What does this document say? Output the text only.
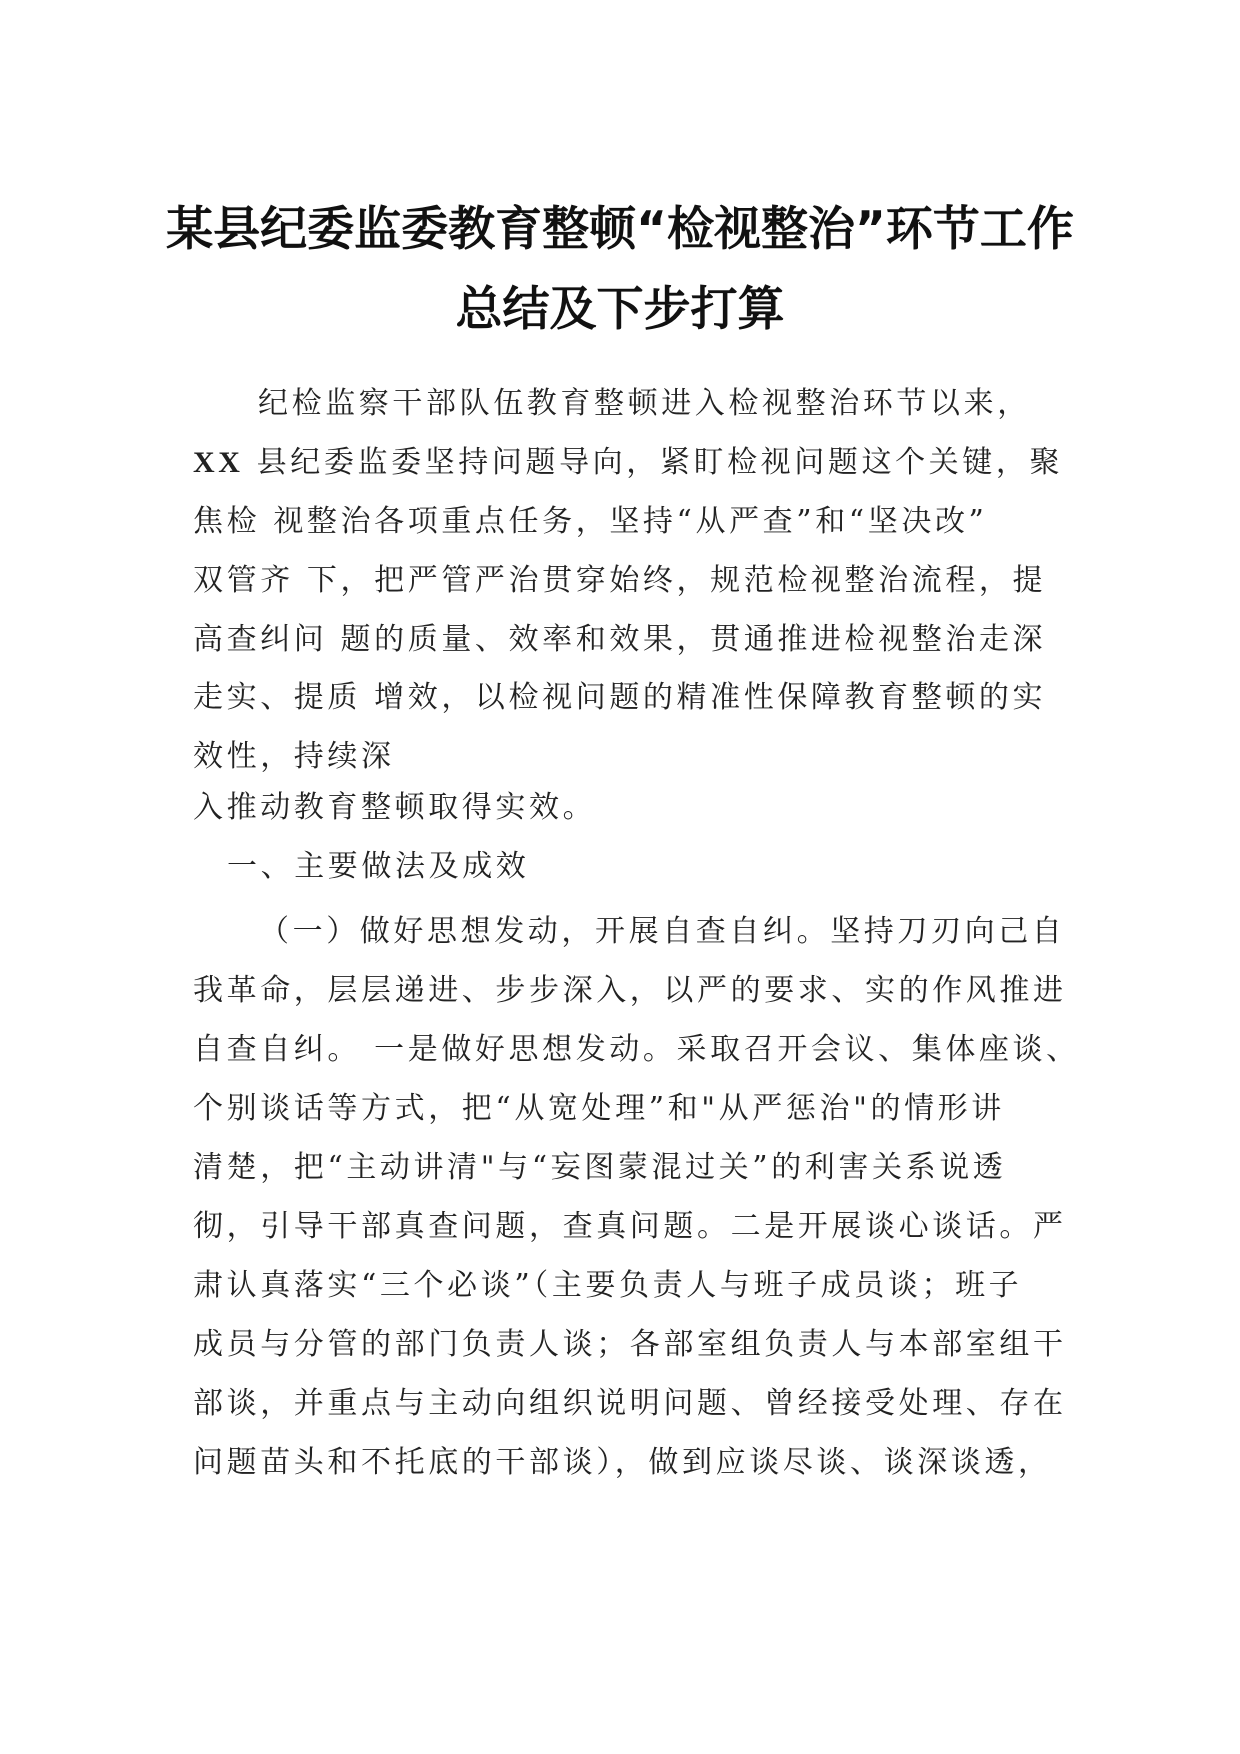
某县纪委监委教育整顿“检视整治”环节工作
总结及下步打算
纪检监察干部队伍教育整顿进入检视整治环节以来，
XX 县纪委监委坚持问题导向，紧盯检视问题这个关键，聚
焦检 视整治各项重点任务，坚持“从严查”和“坚决改”
双管齐 下，把严管严治贯穿始终，规范检视整治流程，提
高查纠问 题的质量、效率和效果，贯通推进检视整治走深
走实、提质 增效，以检视问题的精准性保障教育整顿的实
效性，持续深
入推动教育整顿取得实效。
一、主要做法及成效
（一）做好思想发动，开展自查自纠。坚持刀刃向己自
我革命，层层递进、步步深入，以严的要求、实的作风推进
自查自纠。 一是做好思想发动。采取召开会议、集体座谈、
个别谈话等方式，把“从宽处理”和"从严惩治"的情形讲
清楚，把“主动讲清"与“妄图蒙混过关”的利害关系说透
彻，引导干部真查问题，查真问题。二是开展谈心谈话。严
肃认真落实“三个必谈”（主要负责人与班子成员谈；班子
成员与分管的部门负责人谈；各部室组负责人与本部室组干
部谈，并重点与主动向组织说明问题、曾经接受处理、存在
问题苗头和不托底的干部谈），做到应谈尽谈、谈深谈透，
